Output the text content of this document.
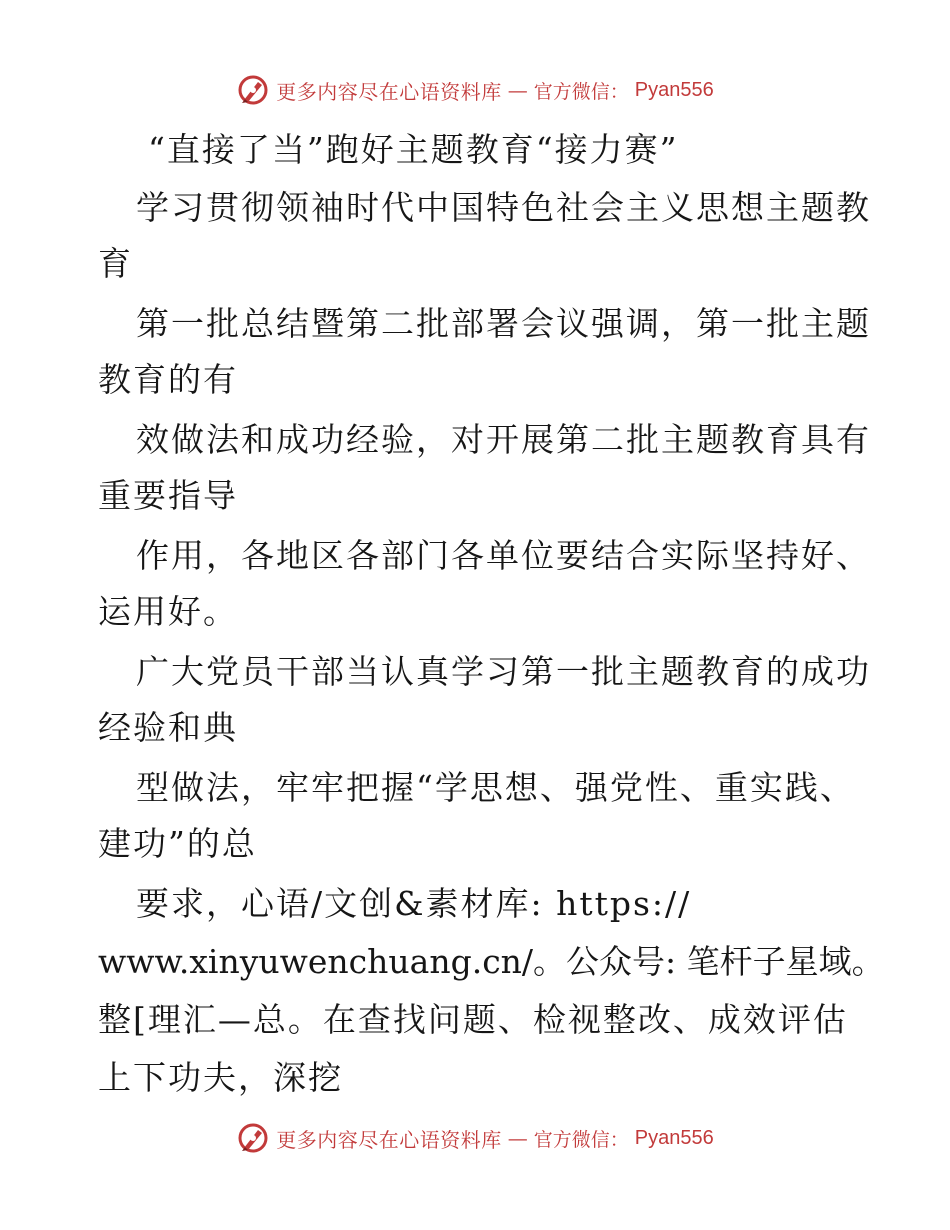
更多内容尽在心语资料库 — 官方微信： Pyan556
“直接了当”跑好主题教育“接力赛”
学习贯彻领袖时代中国特色社会主义思想主题教
育
第一批总结暨第二批部署会议强调，第一批主题
教育的有
效做法和成功经验，对开展第二批主题教育具有
重要指导
作用，各地区各部门各单位要结合实际坚持好、
运用好。
广大党员干部当认真学习第一批主题教育的成功
经验和典
型做法，牢牢把握“学思想、强党性、重实践、
建功”的总
要求，心语/文创&素材库: https://
www.xinyuwenchuang.cn/。公众号: 笔杆子星域。
整[理汇—总。在查找问题、检视整改、成效评估
上下功夫，深挖
更多内容尽在心语资料库 — 官方微信： Pyan556
